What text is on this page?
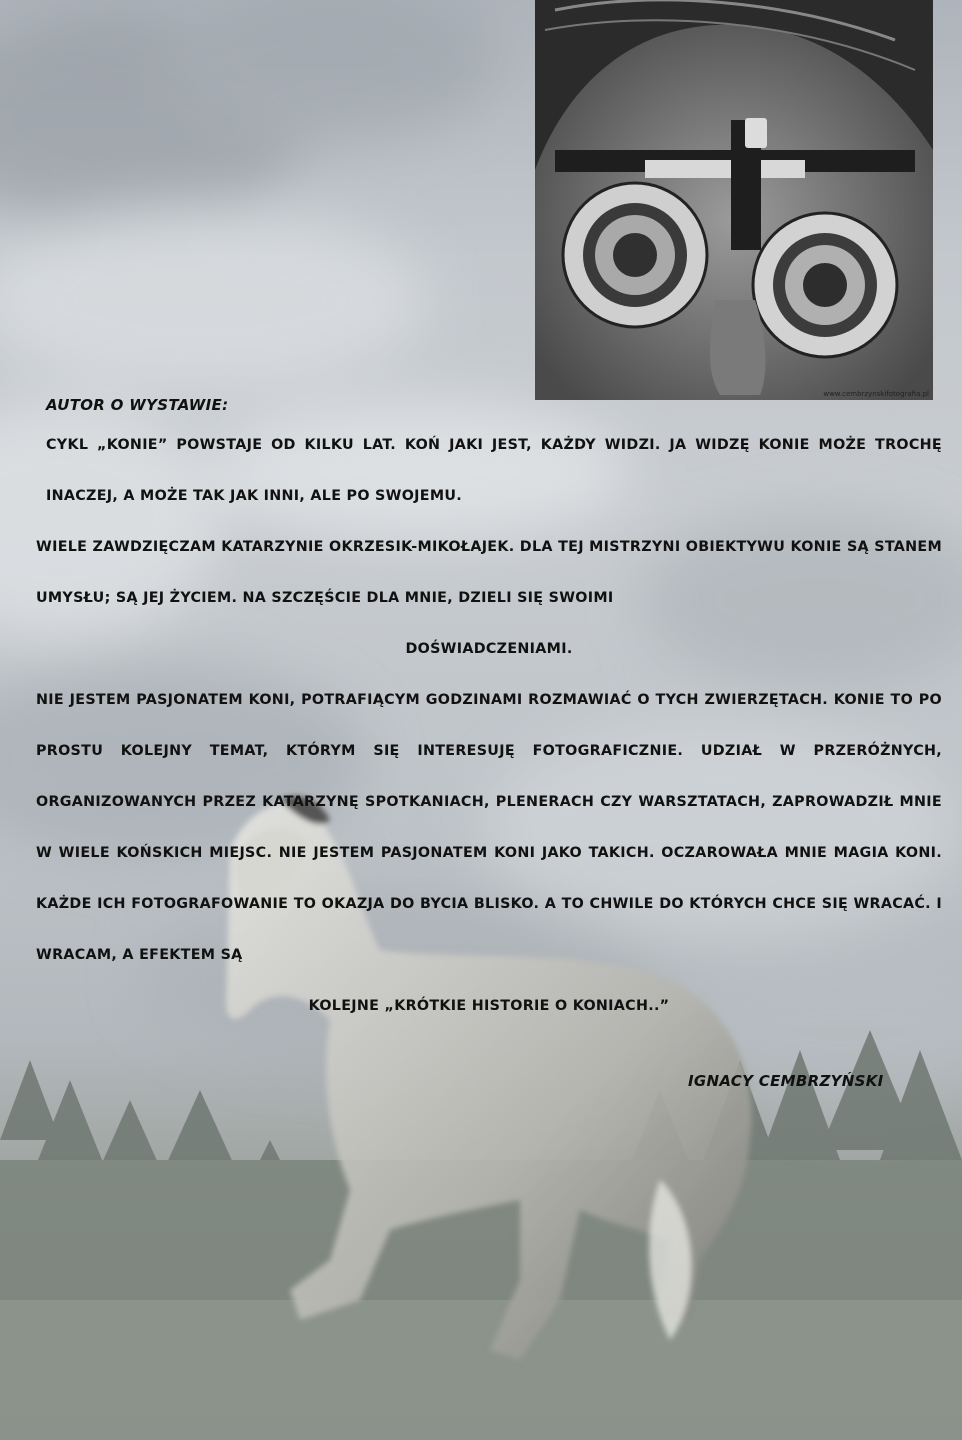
www.cembrzynskifotografia.pl

AUTOR O WYSTAWIE:

CYKL „KONIE” POWSTAJE OD KILKU LAT. KOŃ JAKI JEST, KAŻDY WIDZI. JA WIDZĘ KONIE MOŻE TROCHĘ INACZEJ, A MOŻE TAK JAK INNI, ALE PO SWOJEMU.

WIELE ZAWDZIĘCZAM KATARZYNIE OKRZESIK-MIKOŁAJEK. DLA TEJ MISTRZYNI OBIEKTYWU KONIE SĄ STANEM UMYSŁU; SĄ JEJ ŻYCIEM. NA SZCZĘŚCIE DLA MNIE, DZIELI SIĘ SWOIMI
DOŚWIADCZENIAMI.

NIE JESTEM PASJONATEM KONI, POTRAFIĄCYM GODZINAMI ROZMAWIAĆ O TYCH ZWIERZĘTACH. KONIE TO PO PROSTU KOLEJNY TEMAT, KTÓRYM SIĘ INTERESUJĘ FOTOGRAFICZNIE. UDZIAŁ W PRZERÓŻNYCH, ORGANIZOWANYCH PRZEZ KATARZYNĘ SPOTKANIACH, PLENERACH CZY WARSZTATACH, ZAPROWADZIŁ MNIE W WIELE KOŃSKICH MIEJSC. NIE JESTEM PASJONATEM KONI JAKO TAKICH. OCZAROWAŁA MNIE MAGIA KONI. KAŻDE ICH FOTOGRAFOWANIE TO OKAZJA DO BYCIA BLISKO. A TO CHWILE DO KTÓRYCH CHCE SIĘ WRACAĆ. I WRACAM, A EFEKTEM SĄ
KOLEJNE „KRÓTKIE HISTORIE O KONIACH..”

IGNACY CEMBRZYŃSKI
